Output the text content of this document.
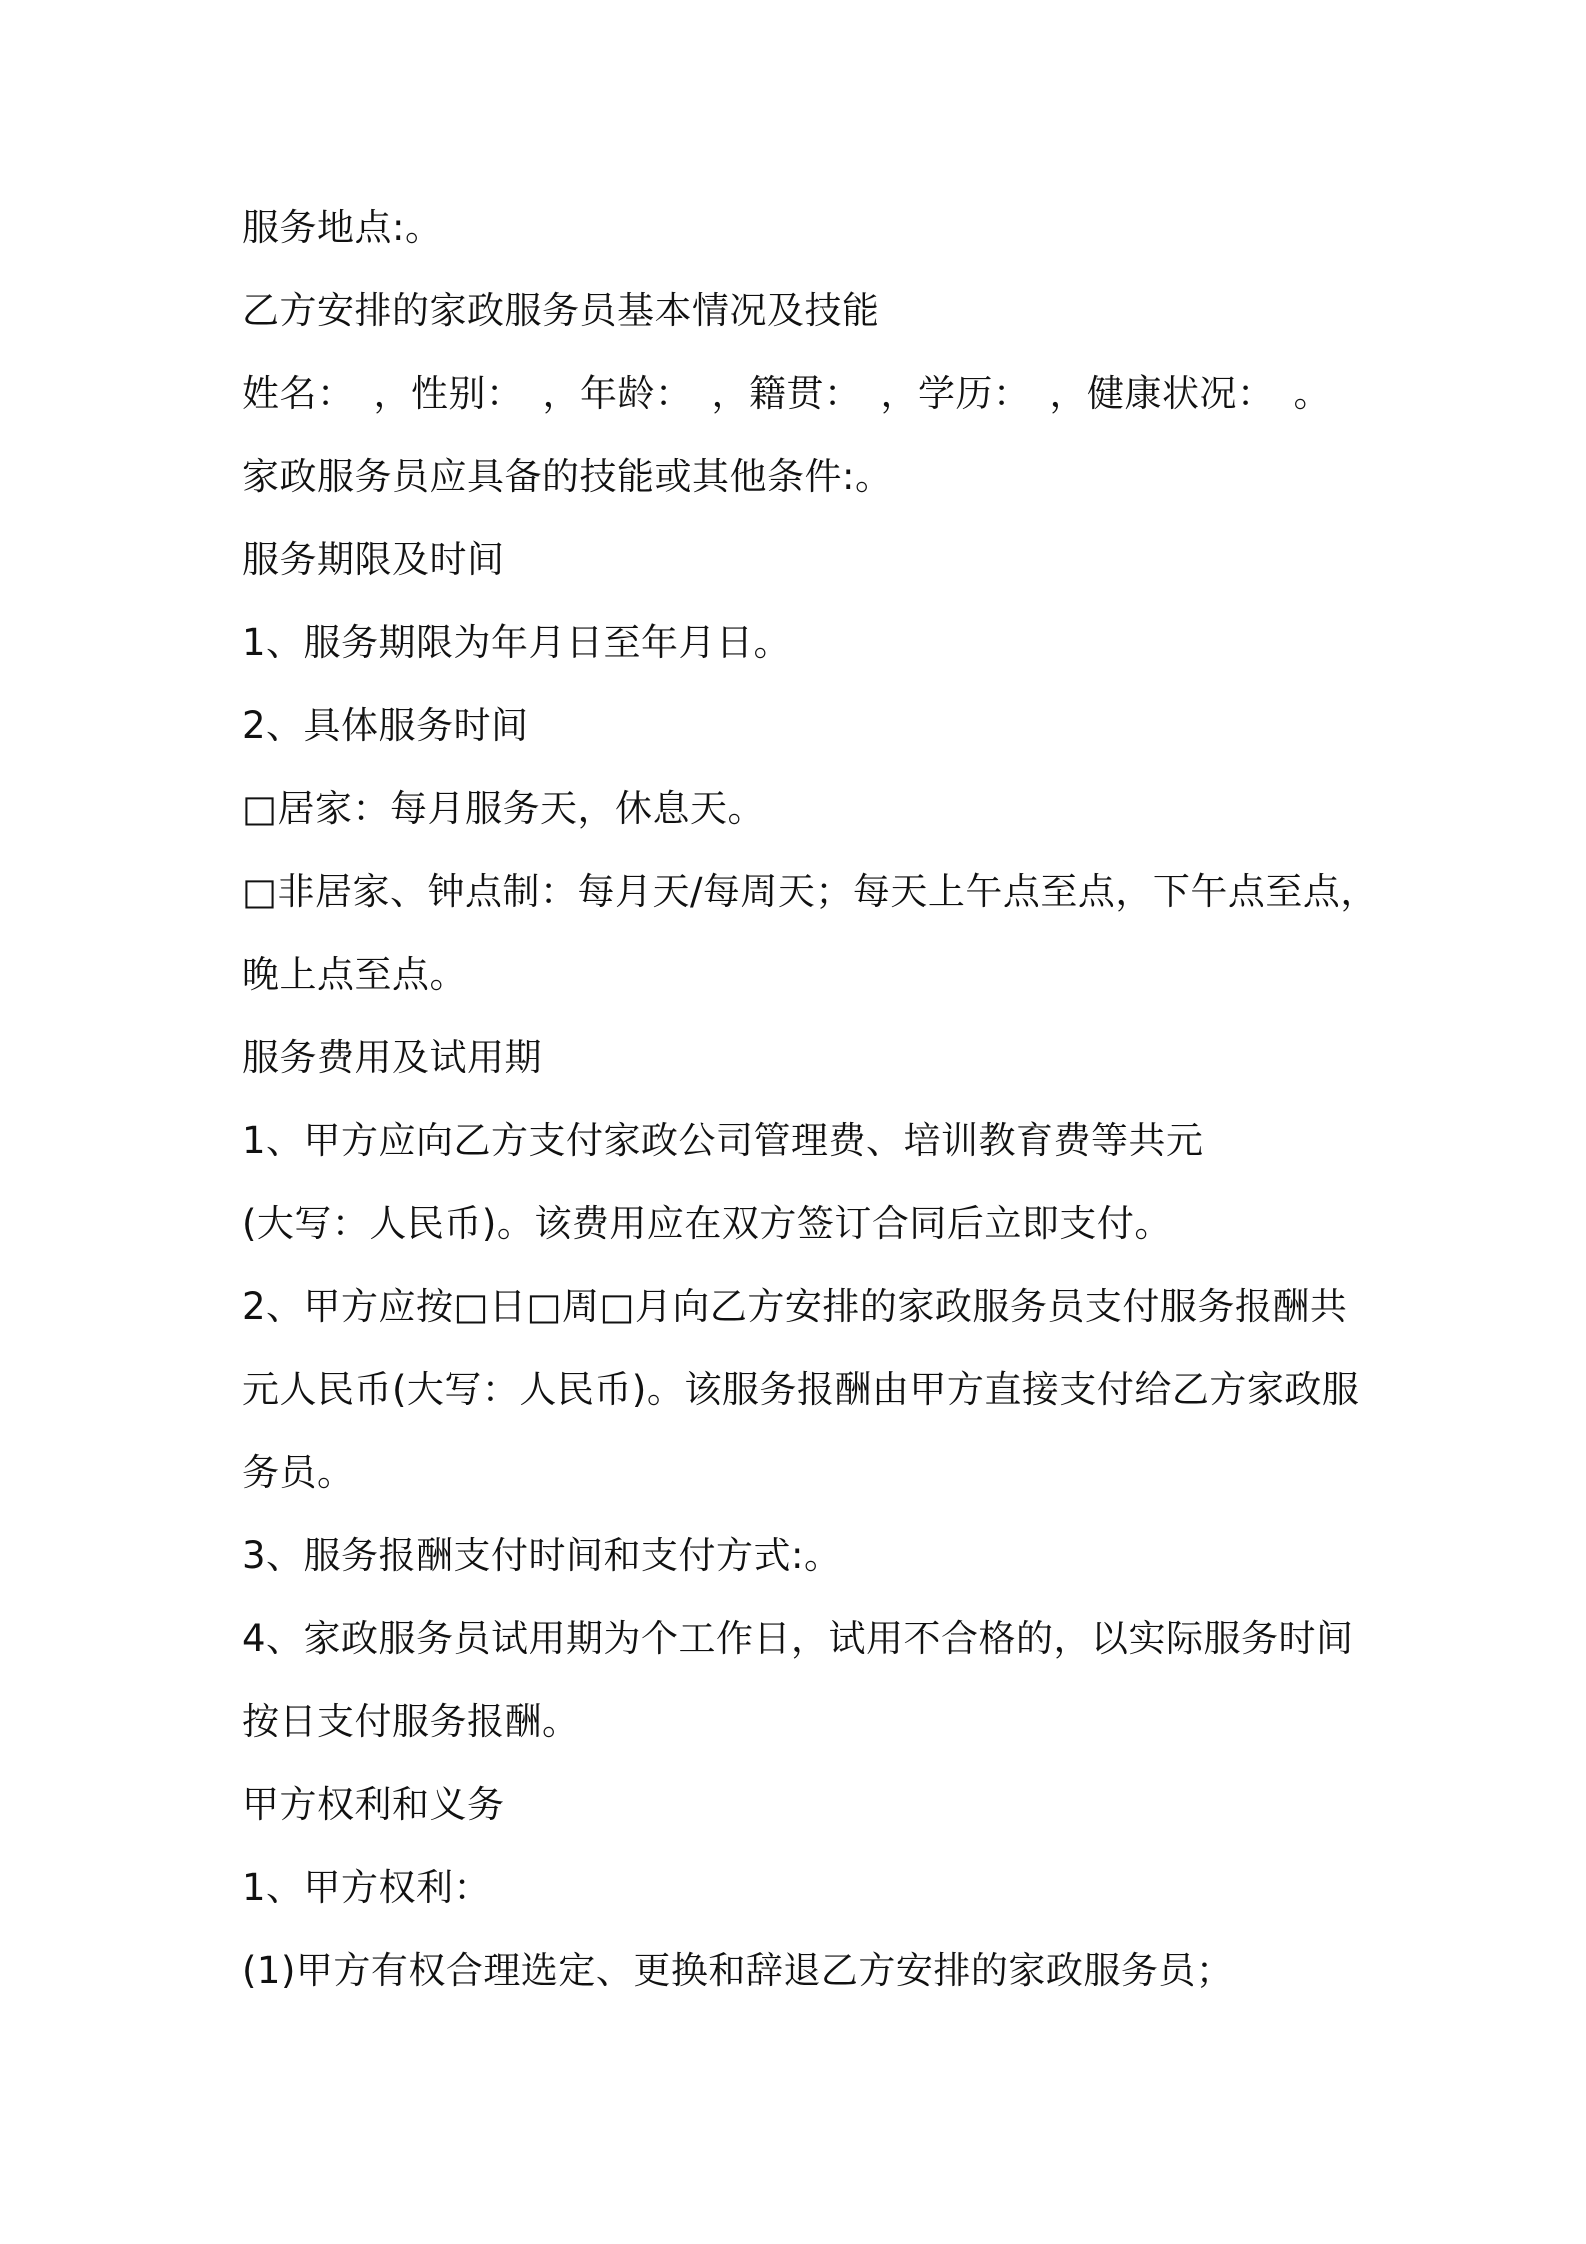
服务地点:。

乙方安排的家政服务员基本情况及技能

姓名：　，性别：　，年龄：　，籍贯：　，学历：　，健康状况：　。

家政服务员应具备的技能或其他条件:。

服务期限及时间

1、服务期限为年月日至年月日。

2、具体服务时间

□居家：每月服务天，休息天。

□非居家、钟点制：每月天/每周天；每天上午点至点，下午点至点，

晚上点至点。

服务费用及试用期

1、甲方应向乙方支付家政公司管理费、培训教育费等共元

(大写：人民币)。该费用应在双方签订合同后立即支付。

2、甲方应按□日□周□月向乙方安排的家政服务员支付服务报酬共

元人民币(大写：人民币)。该服务报酬由甲方直接支付给乙方家政服

务员。

3、服务报酬支付时间和支付方式:。

4、家政服务员试用期为个工作日，试用不合格的，以实际服务时间

按日支付服务报酬。

甲方权利和义务

1、甲方权利：

(1)甲方有权合理选定、更换和辞退乙方安排的家政服务员；
